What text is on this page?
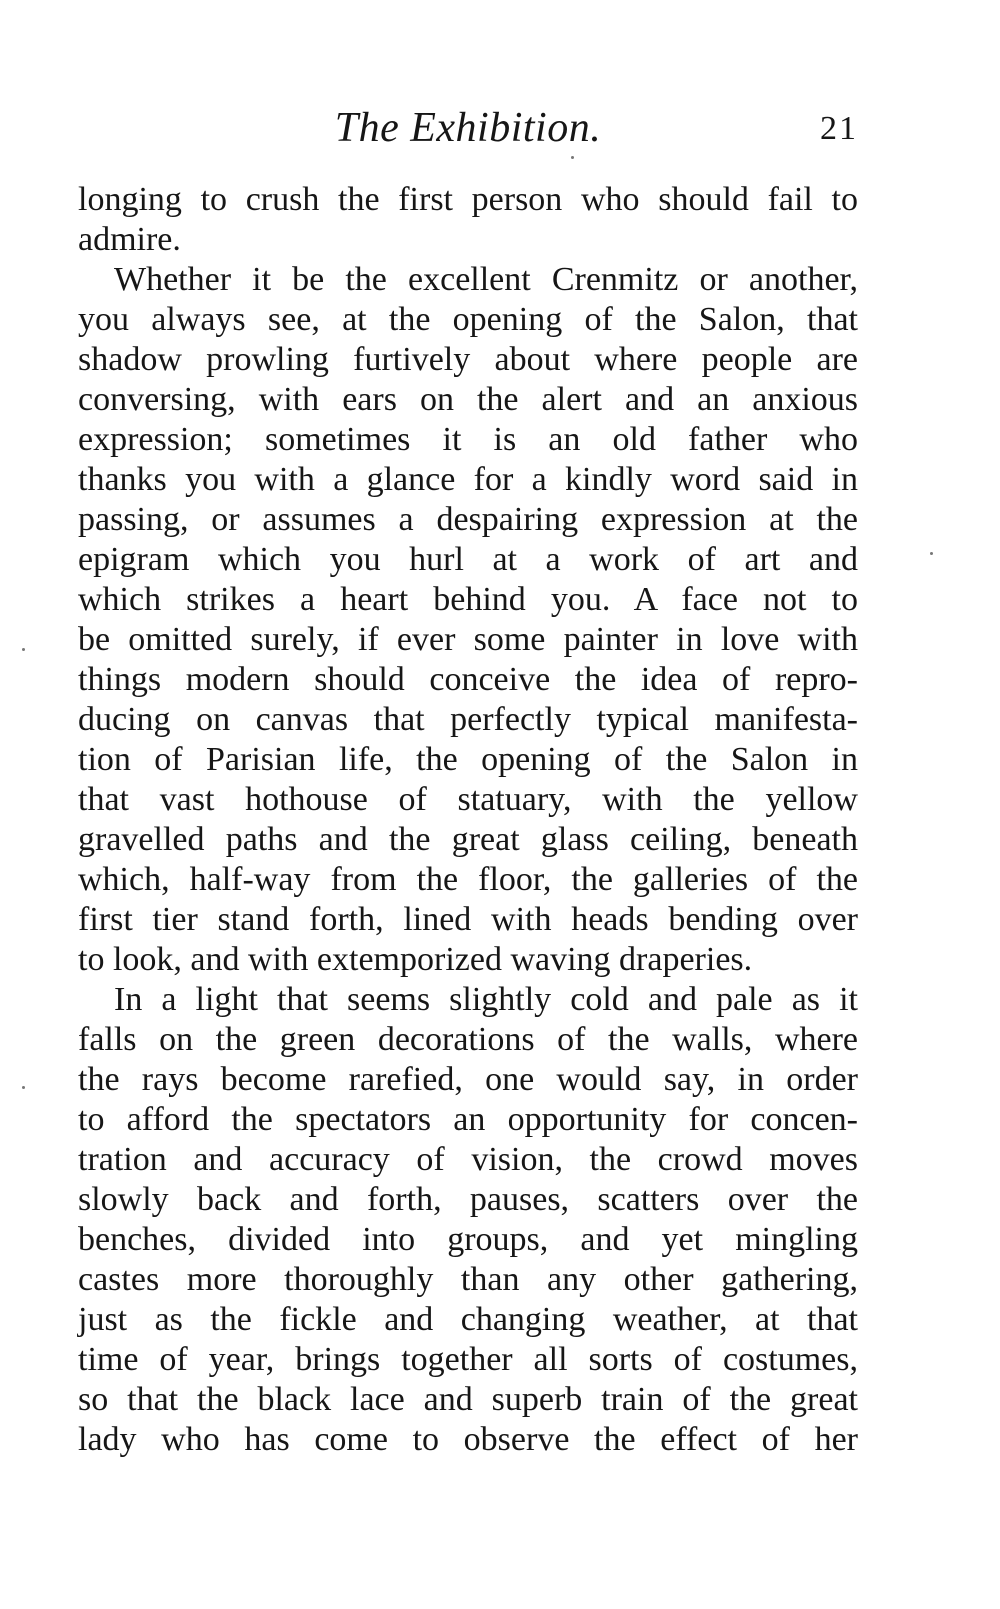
The Exhibition.	21
longing to crush the first person who should fail to
admire.
Whether it be the excellent Crenmitz or another,
you always see, at the opening of the Salon, that
shadow prowling furtively about where people are
conversing, with ears on the alert and an anxious
expression; sometimes it is an old father who
thanks you with a glance for a kindly word said in
passing, or assumes a despairing expression at the
epigram which you hurl at a work of art and
which strikes a heart behind you. A face not to
be omitted surely, if ever some painter in love with
things modern should conceive the idea of repro-
ducing on canvas that perfectly typical manifesta-
tion of Parisian life, the opening of the Salon in
that vast hothouse of statuary, with the yellow
gravelled paths and the great glass ceiling, beneath
which, half-way from the floor, the galleries of the
first tier stand forth, lined with heads bending over
to look, and with extemporized waving draperies.
In a light that seems slightly cold and pale as it
falls on the green decorations of the walls, where
the rays become rarefied, one would say, in order
to afford the spectators an opportunity for concen-
tration and accuracy of vision, the crowd moves
slowly back and forth, pauses, scatters over the
benches, divided into groups, and yet mingling
castes more thoroughly than any other gathering,
just as the fickle and changing weather, at that
time of year, brings together all sorts of costumes,
so that the black lace and superb train of the great
lady who has come to observe the effect of her
